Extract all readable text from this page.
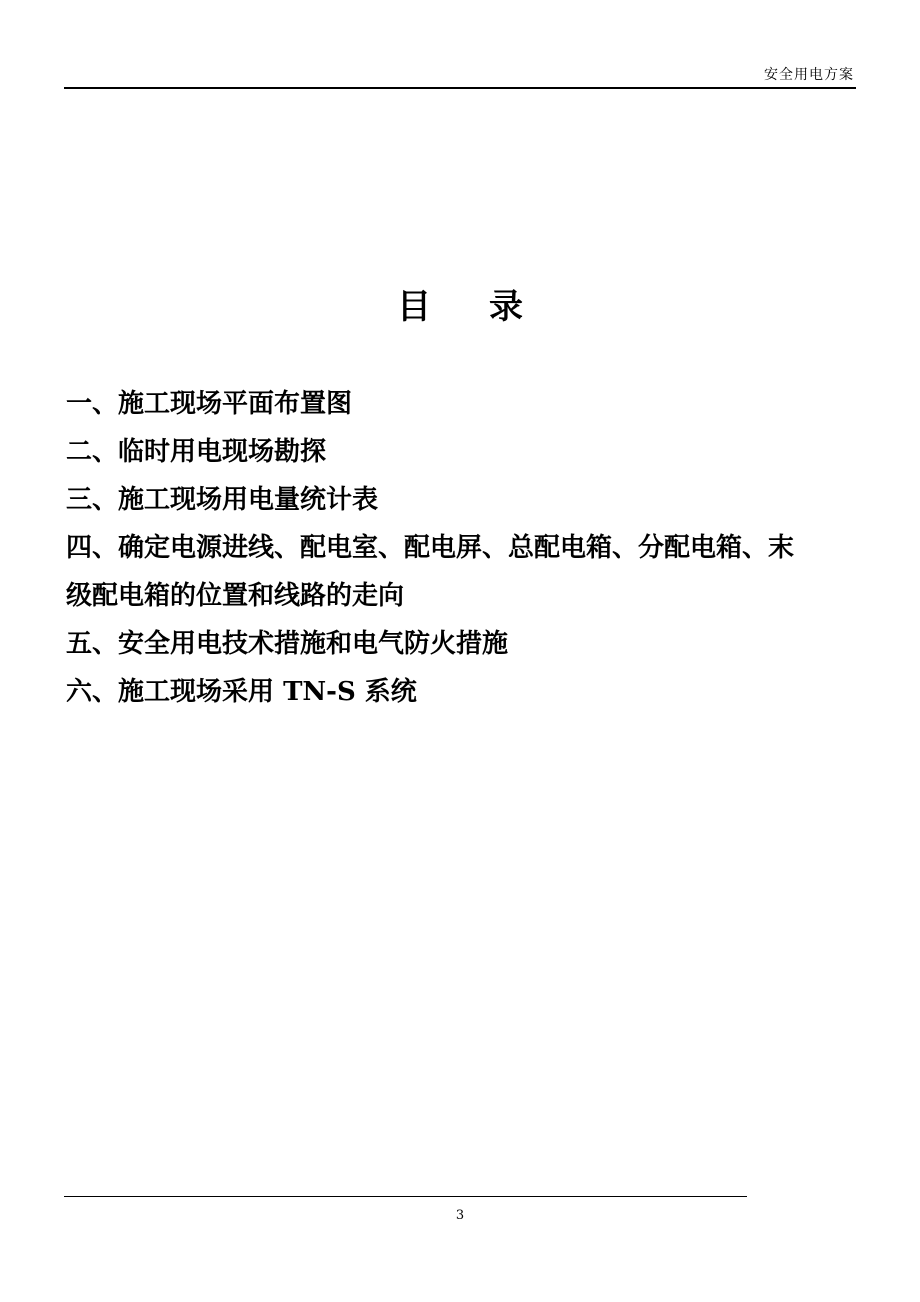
安全用电方案
目 录
一、施工现场平面布置图
二、临时用电现场勘探
三、施工现场用电量统计表
四、确定电源进线、配电室、配电屏、总配电箱、分配电箱、末
级配电箱的位置和线路的走向
五、安全用电技术措施和电气防火措施
六、施工现场采用 TN-S 系统
3
